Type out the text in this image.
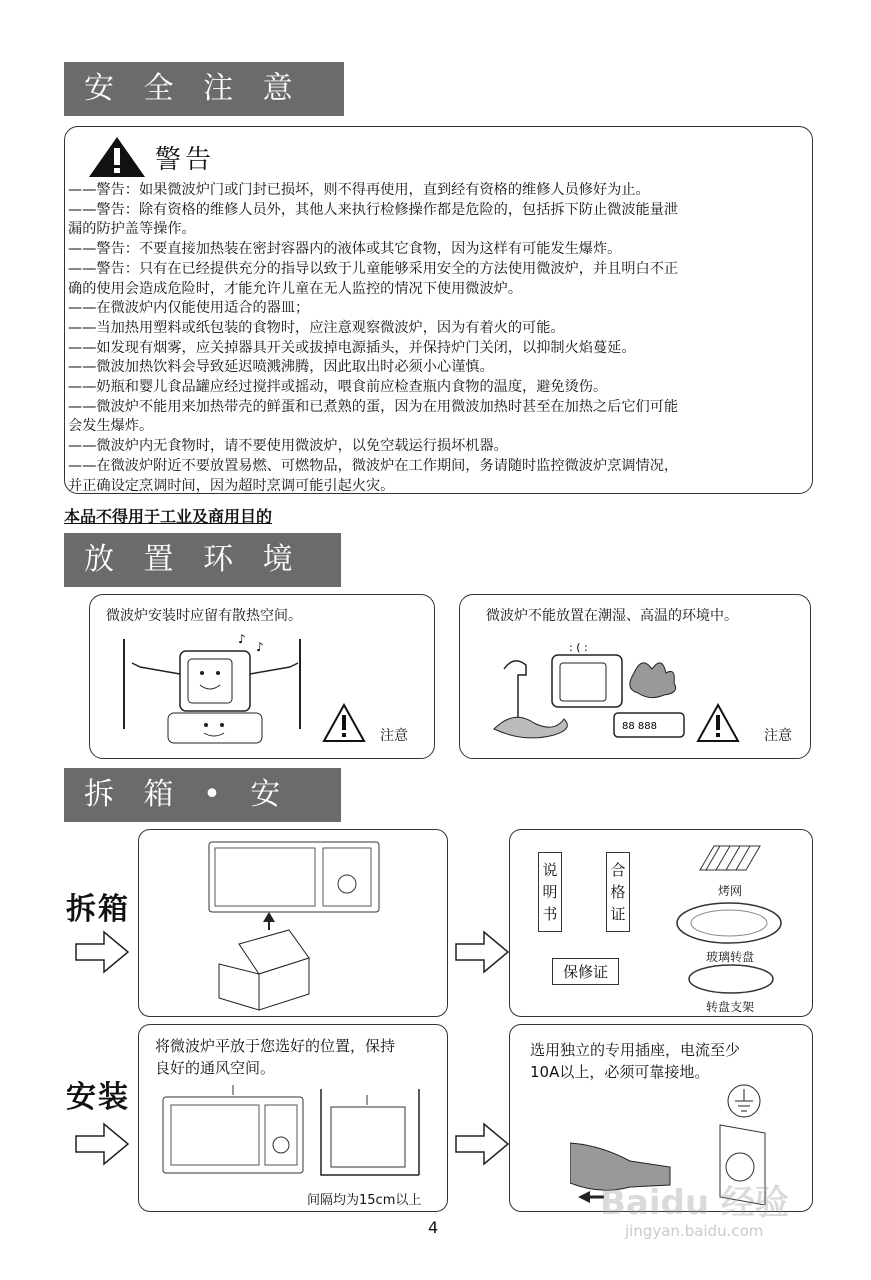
安 全 注 意
警告
——警告：如果微波炉门或门封已损坏，则不得再使用，直到经有资格的维修人员修好为止。
——警告：除有资格的维修人员外，其他人来执行检修操作都是危险的，包括拆下防止微波能量泄
漏的防护盖等操作。
——警告：不要直接加热装在密封容器内的液体或其它食物，因为这样有可能发生爆炸。
——警告：只有在已经提供充分的指导以致于儿童能够采用安全的方法使用微波炉，并且明白不正
确的使用会造成危险时，才能允许儿童在无人监控的情况下使用微波炉。
——在微波炉内仅能使用适合的器皿；
——当加热用塑料或纸包装的食物时，应注意观察微波炉，因为有着火的可能。
——如发现有烟雾，应关掉器具开关或拔掉电源插头，并保持炉门关闭，以抑制火焰蔓延。
——微波加热饮料会导致延迟喷溅沸腾，因此取出时必须小心谨慎。
——奶瓶和婴儿食品罐应经过搅拌或摇动，喂食前应检查瓶内食物的温度，避免烫伤。
——微波炉不能用来加热带壳的鲜蛋和已煮熟的蛋，因为在用微波加热时甚至在加热之后它们可能
会发生爆炸。
——微波炉内无食物时，请不要使用微波炉，以免空载运行损坏机器。
——在微波炉附近不要放置易燃、可燃物品，微波炉在工作期间，务请随时监控微波炉烹调情况，
并正确设定烹调时间，因为超时烹调可能引起火灾。
本品不得用于工业及商用目的
放 置 环 境
微波炉安装时应留有散热空间。
♪
♪
注意
微波炉不能放置在潮湿、高温的环境中。
: ( :
88 888
注意
拆 箱 • 安 装
拆箱
说明书
合格证
保修证
烤网
玻璃转盘
转盘支架
安装
将微波炉平放于您选好的位置，保持
良好的通风空间。
间隔均为15cm以上
选用独立的专用插座，电流至少
10A以上，必须可靠接地。
4
Baidu 经验
jingyan.baidu.com
